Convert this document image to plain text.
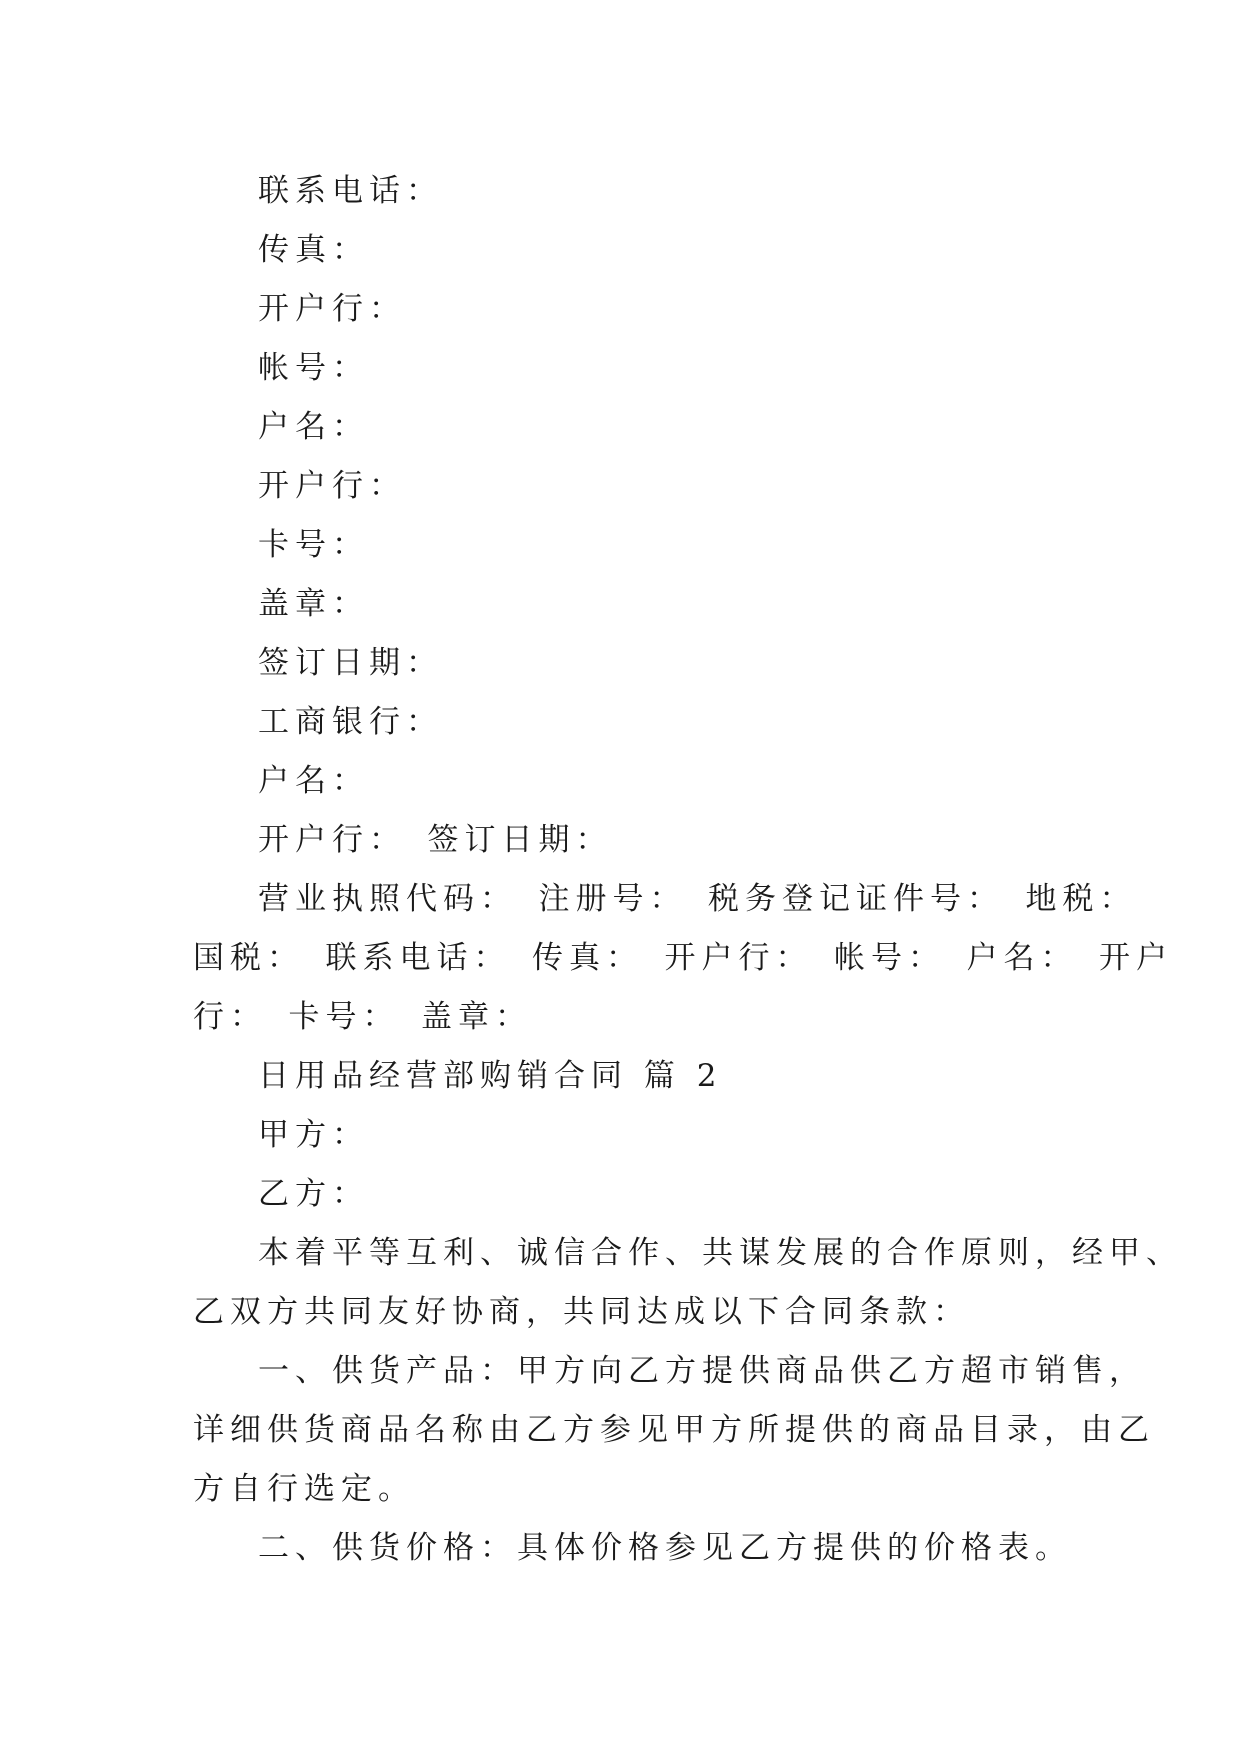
联系电话：

传真：

开户行：

帐号：

户名：

开户行：

卡号：

盖章：

签订日期：

工商银行：

户名：

开户行：　签订日期：

营业执照代码：　注册号：　税务登记证件号：　地税：

国税：　联系电话：　传真：　开户行：　帐号：　户名：　开户

行：　卡号：　盖章：

日用品经营部购销合同 篇 2

甲方：

乙方：

本着平等互利、诚信合作、共谋发展的合作原则，经甲、

乙双方共同友好协商，共同达成以下合同条款：

一、供货产品：甲方向乙方提供商品供乙方超市销售，

详细供货商品名称由乙方参见甲方所提供的商品目录，由乙

方自行选定。

二、供货价格：具体价格参见乙方提供的价格表。
